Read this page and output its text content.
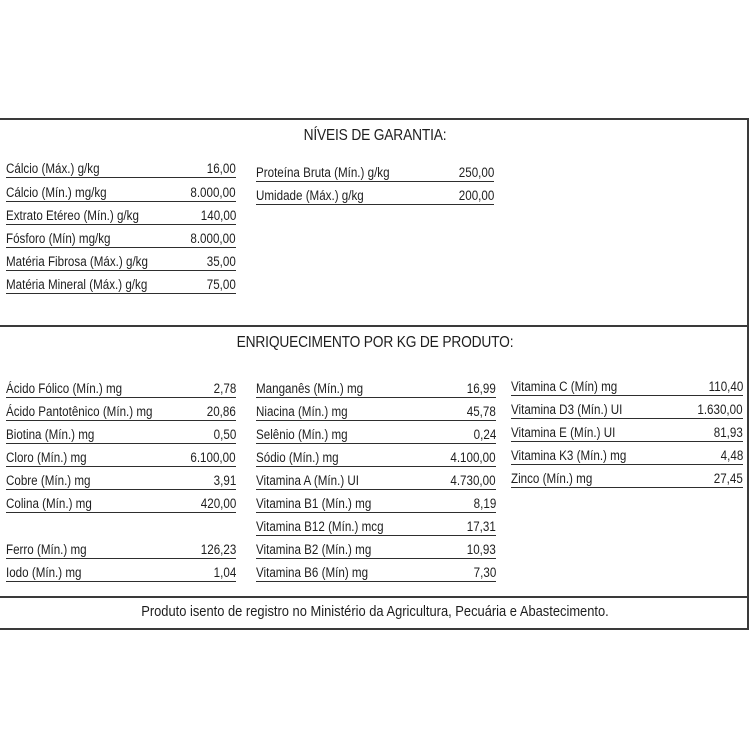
NÍVEIS DE GARANTIA:
ENRIQUECIMENTO POR KG DE PRODUTO:
Cálcio (Máx.) g/kg	16,00
Cálcio (Mín.) mg/kg	8.000,00
Extrato Etéreo (Mín.) g/kg	140,00
Fósforo (Mín) mg/kg	8.000,00
Matéria Fibrosa (Máx.) g/kg	35,00
Matéria Mineral (Máx.) g/kg	75,00
Proteína Bruta (Mín.) g/kg	250,00
Umidade (Máx.) g/kg	200,00
Ácido Fólico (Mín.) mg	2,78
Ácido Pantotênico (Mín.) mg	20,86
Biotina (Mín.) mg	0,50
Cloro (Mín.) mg	6.100,00
Cobre (Mín.) mg	3,91
Colina (Mín.) mg	420,00
Ferro (Mín.) mg	126,23
Iodo (Mín.) mg	1,04
Manganês (Mín.) mg	16,99
Niacina (Mín.) mg	45,78
Selênio (Mín.) mg	0,24
Sódio (Mín.) mg	4.100,00
Vitamina A (Mín.) UI	4.730,00
Vitamina B1 (Mín.) mg	8,19
Vitamina B12 (Mín.) mcg	17,31
Vitamina B2 (Mín.) mg	10,93
Vitamina B6 (Mín) mg	7,30
Vitamina C (Mín) mg	110,40
Vitamina D3 (Mín.) UI	1.630,00
Vitamina E (Mín.) UI	81,93
Vitamina K3 (Mín.) mg	4,48
Zinco (Mín.) mg	27,45
Produto isento de registro no Ministério da Agricultura, Pecuária e Abastecimento.
